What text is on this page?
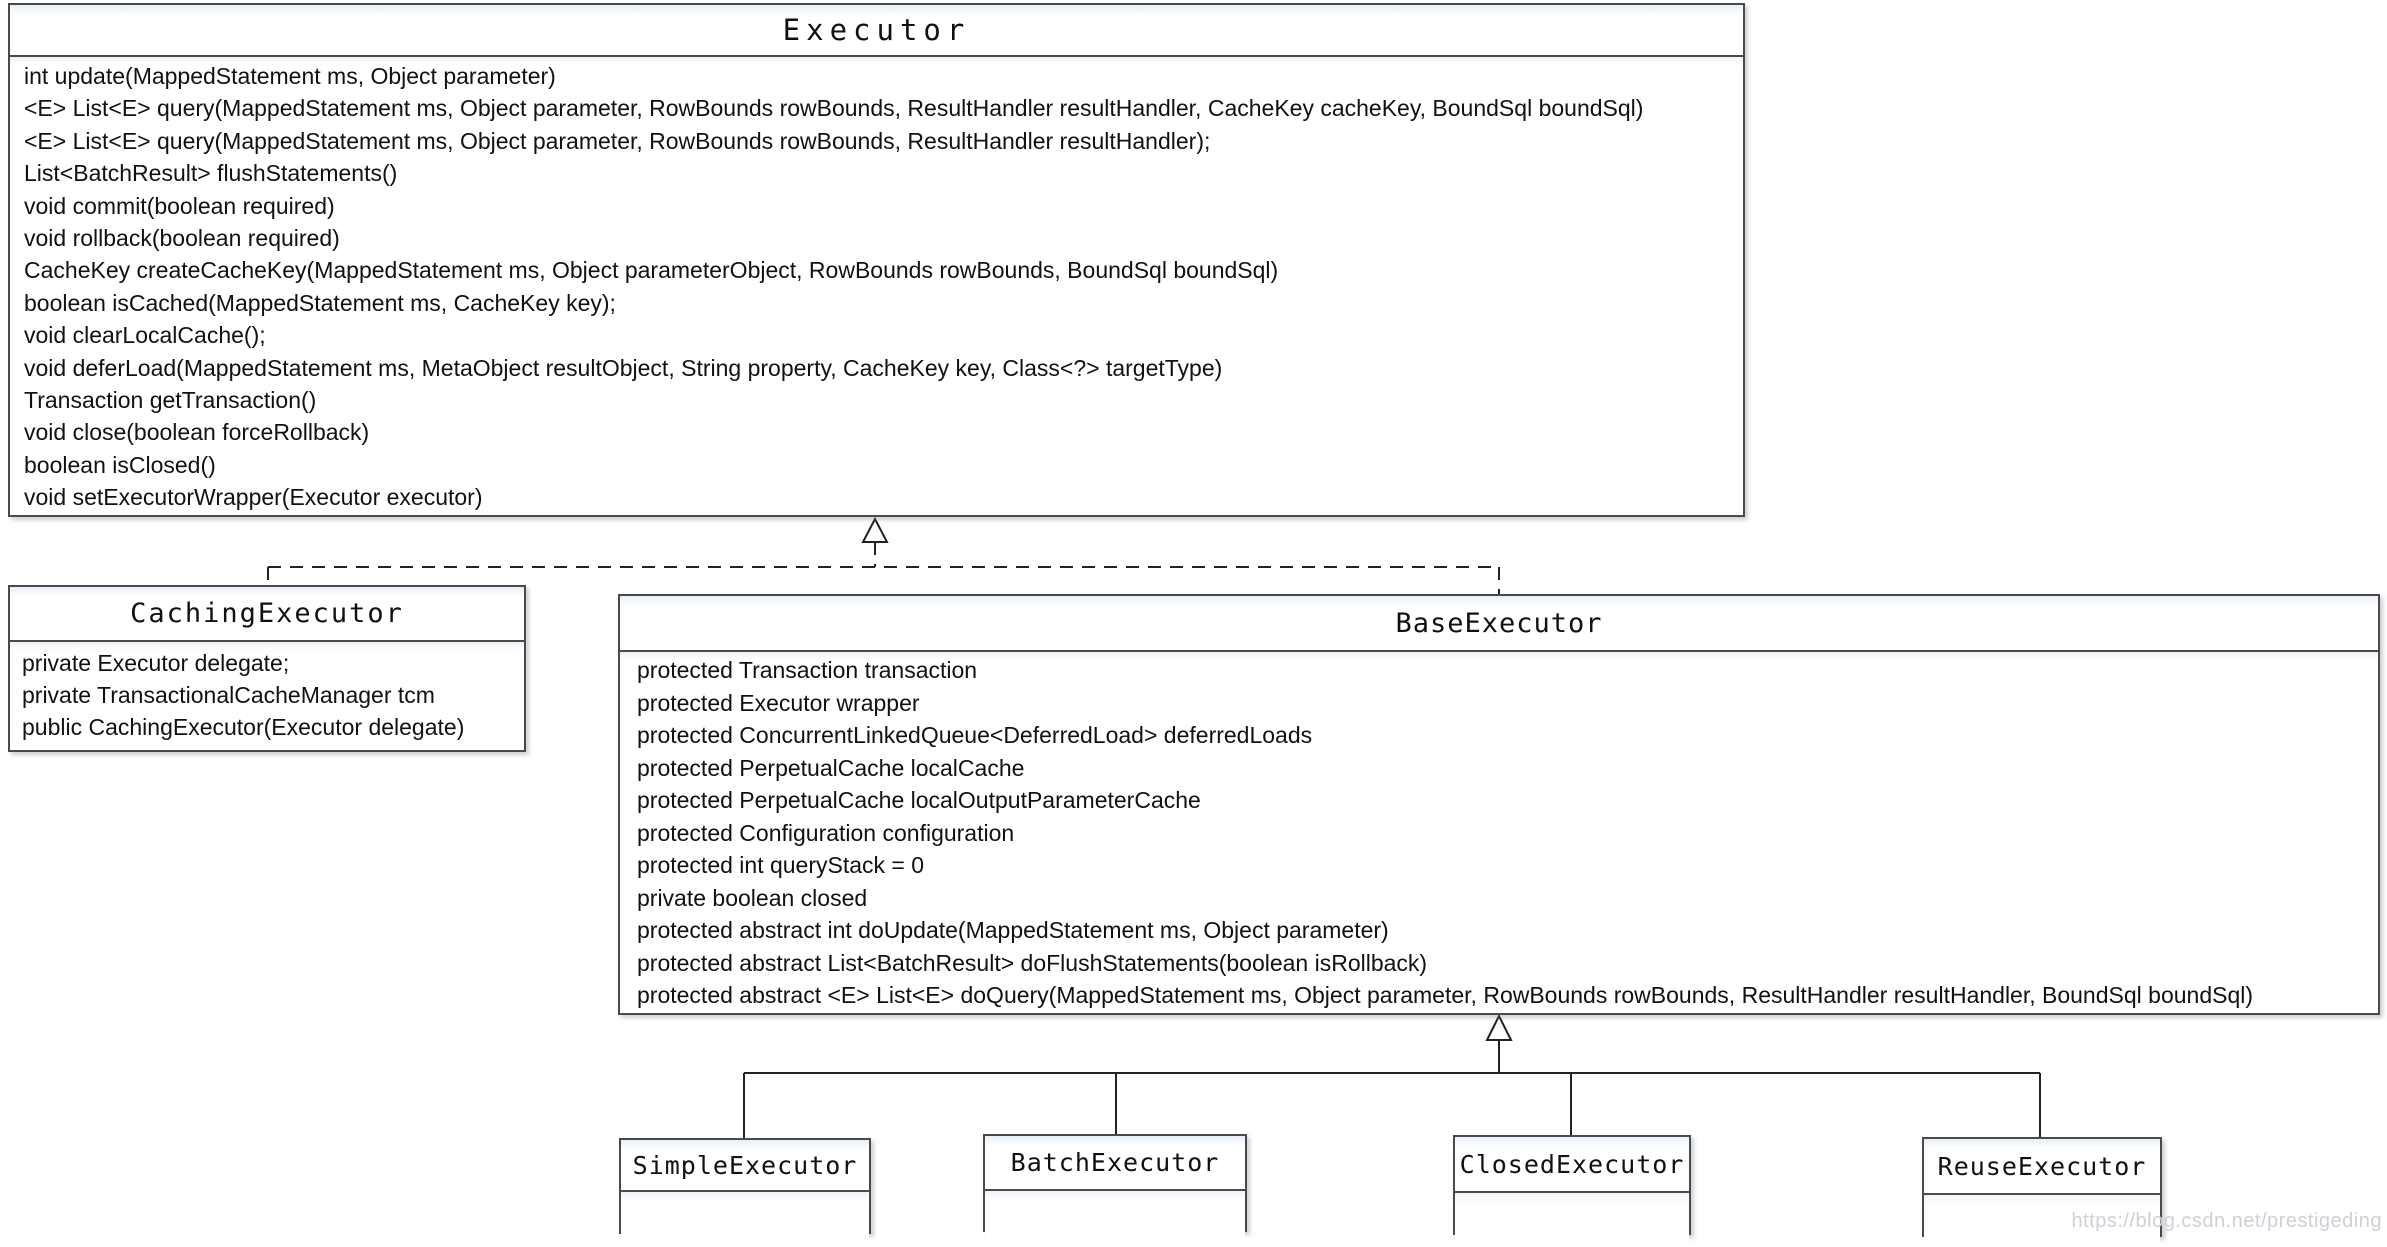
Executor
int update(MappedStatement ms, Object parameter)
<E> List<E> query(MappedStatement ms, Object parameter, RowBounds rowBounds, ResultHandler resultHandler, CacheKey cacheKey, BoundSql boundSql)
<E> List<E> query(MappedStatement ms, Object parameter, RowBounds rowBounds, ResultHandler resultHandler);
List<BatchResult> flushStatements()
void commit(boolean required)
void rollback(boolean required)
CacheKey createCacheKey(MappedStatement ms, Object parameterObject, RowBounds rowBounds, BoundSql boundSql)
boolean isCached(MappedStatement ms, CacheKey key);
void clearLocalCache();
void deferLoad(MappedStatement ms, MetaObject resultObject, String property, CacheKey key, Class<?> targetType)
Transaction getTransaction()
void close(boolean forceRollback)
boolean isClosed()
void setExecutorWrapper(Executor executor)
CachingExecutor
private Executor delegate;
private TransactionalCacheManager tcm
public CachingExecutor(Executor delegate)
BaseExecutor
protected Transaction transaction
protected Executor wrapper
protected ConcurrentLinkedQueue<DeferredLoad> deferredLoads
protected PerpetualCache localCache
protected PerpetualCache localOutputParameterCache
protected Configuration configuration
protected int queryStack = 0
private boolean closed
protected abstract int doUpdate(MappedStatement ms, Object parameter)
protected abstract List<BatchResult> doFlushStatements(boolean isRollback)
protected abstract <E> List<E> doQuery(MappedStatement ms, Object parameter, RowBounds rowBounds, ResultHandler resultHandler, BoundSql boundSql)
SimpleExecutor	BatchExecutor	ClosedExecutor	ReuseExecutor
https://blog.csdn.net/prestigeding
